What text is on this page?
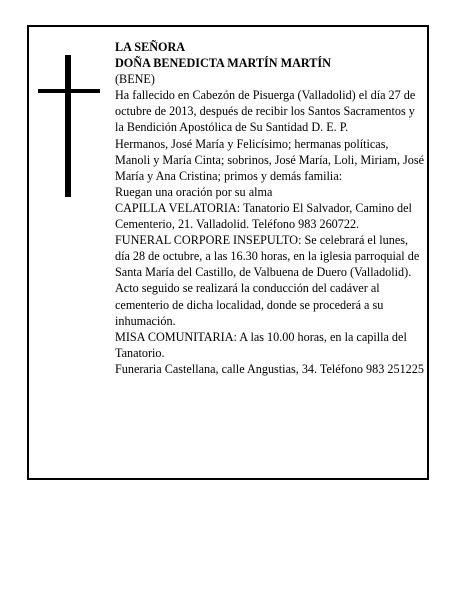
LA SEÑORA

DOÑA BENEDICTA MARTÍN MARTÍN

(BENE)

Ha fallecido en Cabezón de Pisuerga (Valladolid) el día 27 de octubre de 2013, después de recibir los Santos Sacramentos y la Bendición Apostólica de Su Santidad D. E. P.

Hermanos, José María y Felicísimo; hermanas políticas, Manoli y María Cinta; sobrinos, José María, Loli, Miriam, José María y Ana Cristina; primos y demás familia:

Ruegan una oración por su alma

CAPILLA VELATORIA: Tanatorio El Salvador, Camino del Cementerio, 21. Valladolid. Teléfono 983 260722.

FUNERAL CORPORE INSEPULTO: Se celebrará el lunes, día 28 de octubre, a las 16.30 horas, en la iglesia parroquial de Santa María del Castillo, de Valbuena de Duero (Valladolid). Acto seguido se realizará la conducción del cadáver al cementerio de dicha localidad, donde se procederá a su inhumación.

MISA COMUNITARIA: A las 10.00 horas, en la capilla del Tanatorio.

Funeraria Castellana, calle Angustias, 34. Teléfono 983 251225
